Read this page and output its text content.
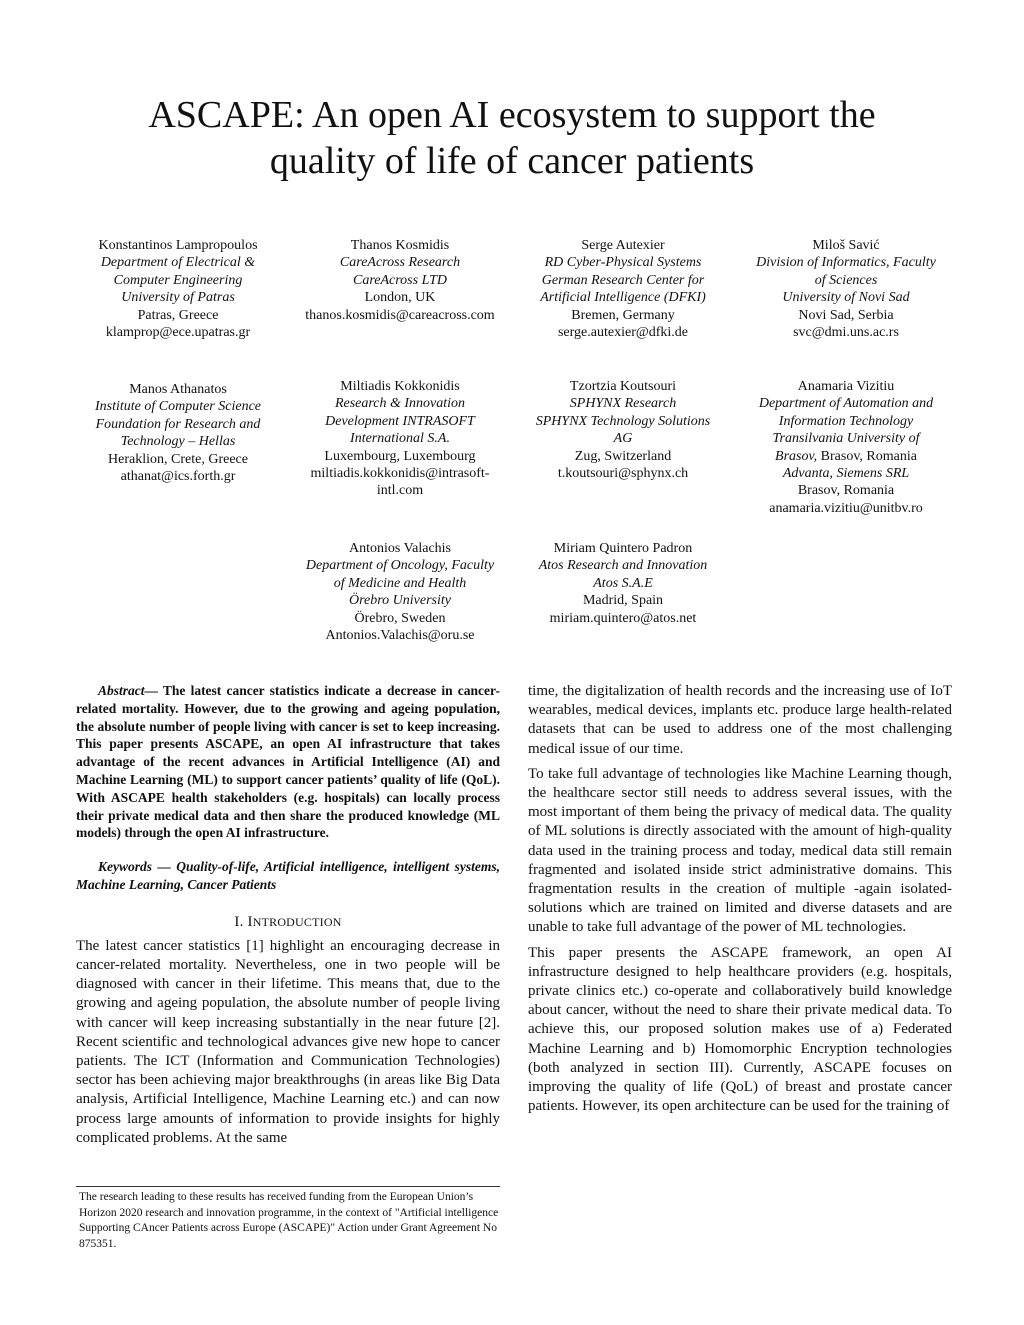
ASCAPE: An open AI ecosystem to support the
quality of life of cancer patients
Konstantinos Lampropoulos
Department of Electrical &
Computer Engineering
University of Patras
Patras, Greece
klamprop@ece.upatras.gr
Thanos Kosmidis
CareAcross Research
CareAcross LTD
London, UK
thanos.kosmidis@careacross.com
Serge Autexier
RD Cyber-Physical Systems
German Research Center for
Artificial Intelligence (DFKI)
Bremen, Germany
serge.autexier@dfki.de
Miloš Savić
Division of Informatics, Faculty
of Sciences
University of Novi Sad
Novi Sad, Serbia
svc@dmi.uns.ac.rs
Manos Athanatos
Institute of Computer Science
Foundation for Research and
Technology – Hellas
Heraklion, Crete, Greece
athanat@ics.forth.gr
Miltiadis Kokkonidis
Research & Innovation
Development INTRASOFT
International S.A.
Luxembourg, Luxembourg
miltiadis.kokkonidis@intrasoft-
intl.com
Tzortzia Koutsouri
SPHYNX Research
SPHYNX Technology Solutions
AG
Zug, Switzerland
t.koutsouri@sphynx.ch
Anamaria Vizitiu
Department of Automation and
Information Technology
Transilvania University of
Brasov, Brasov, Romania
Advanta, Siemens SRL
Brasov, Romania
anamaria.vizitiu@unitbv.ro
Antonios Valachis
Department of Oncology, Faculty
of Medicine and Health
Örebro University
Örebro, Sweden
Antonios.Valachis@oru.se
Miriam Quintero Padron
Atos Research and Innovation
Atos S.A.E
Madrid, Spain
miriam.quintero@atos.net

Abstract— The latest cancer statistics indicate a decrease in cancer-related mortality. However, due to the growing and ageing population, the absolute number of people living with cancer is set to keep increasing. This paper presents ASCAPE, an open AI infrastructure that takes advantage of the recent advances in Artificial Intelligence (AI) and Machine Learning (ML) to support cancer patients’ quality of life (QoL). With ASCAPE health stakeholders (e.g. hospitals) can locally process their private medical data and then share the produced knowledge (ML models) through the open AI infrastructure.

Keywords — Quality-of-life, Artificial intelligence, intelligent systems, Machine Learning, Cancer Patients

I. INTRODUCTION

The latest cancer statistics [1] highlight an encouraging decrease in cancer-related mortality. Nevertheless, one in two people will be diagnosed with cancer in their lifetime. This means that, due to the growing and ageing population, the absolute number of people living with cancer will keep increasing substantially in the near future [2]. Recent scientific and technological advances give new hope to cancer patients. The ICT (Information and Communication Technologies) sector has been achieving major breakthroughs (in areas like Big Data analysis, Artificial Intelligence, Machine Learning etc.) and can now process large amounts of information to provide insights for highly complicated problems. At the same

time, the digitalization of health records and the increasing use of IoT wearables, medical devices, implants etc. produce large health-related datasets that can be used to address one of the most challenging medical issue of our time.

To take full advantage of technologies like Machine Learning though, the healthcare sector still needs to address several issues, with the most important of them being the privacy of medical data. The quality of ML solutions is directly associated with the amount of high-quality data used in the training process and today, medical data still remain fragmented and isolated inside strict administrative domains. This fragmentation results in the creation of multiple -again isolated- solutions which are trained on limited and diverse datasets and are unable to take full advantage of the power of ML technologies.

This paper presents the ASCAPE framework, an open AI infrastructure designed to help healthcare providers (e.g. hospitals, private clinics etc.) co-operate and collaboratively build knowledge about cancer, without the need to share their private medical data. To achieve this, our proposed solution makes use of a) Federated Machine Learning and b) Homomorphic Encryption technologies (both analyzed in section III). Currently, ASCAPE focuses on improving the quality of life (QoL) of breast and prostate cancer patients. However, its open architecture can be used for the training of

The research leading to these results has received funding from the European Union’s Horizon 2020 research and innovation programme, in the context of "Artificial intelligence Supporting CAncer Patients across Europe (ASCAPE)" Action under Grant Agreement No 875351.
